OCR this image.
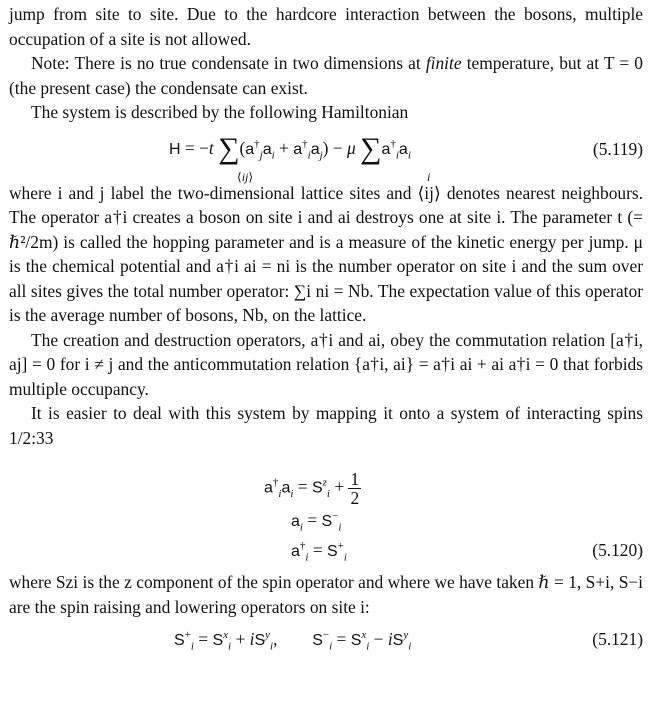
jump from site to site. Due to the hardcore interaction between the bosons, multiple occupation of a site is not allowed.

Note: There is no true condensate in two dimensions at finite temperature, but at T = 0 (the present case) the condensate can exist.

The system is described by the following Hamiltonian

H = −t $\sum(a^\dagger_ja_i + a^\dagger_ia_j) - \mu$ $\sum a^\dagger_ia_i$
⟨ij⟩	i
(5.119)

where i and j label the two-dimensional lattice sites and ⟨ij⟩ denotes nearest neighbours. The operator a†i creates a boson on site i and ai destroys one at site i. The parameter t (= ℏ²/2m) is called the hopping parameter and is a measure of the kinetic energy per jump. μ is the chemical potential and a†i ai = ni is the number operator on site i and the sum over all sites gives the total number operator: ∑i ni = Nb. The expectation value of this operator is the average number of bosons, Nb, on the lattice.

The creation and destruction operators, a†i and ai, obey the commutation relation [a†i, aj] = 0 for i ≠ j and the anticommutation relation {a†i, ai} = a†i ai + ai a†i = 0 that forbids multiple occupancy.

It is easier to deal with this system by mapping it onto a system of interacting spins 1/2:33

$a^\dagger_ia_i = S^z_i + \frac{1}{2}$
$a_i = S^-_i$
$a^\dagger_i = S^+_i$	(5.120)

where Szi is the z component of the spin operator and where we have taken ℏ = 1, S+i, S−i are the spin raising and lowering operators on site i:

$S^+_i = S^x_i + iS^y_i$,        $S^-_i = S^x_i - iS^y_i$	(5.121)
